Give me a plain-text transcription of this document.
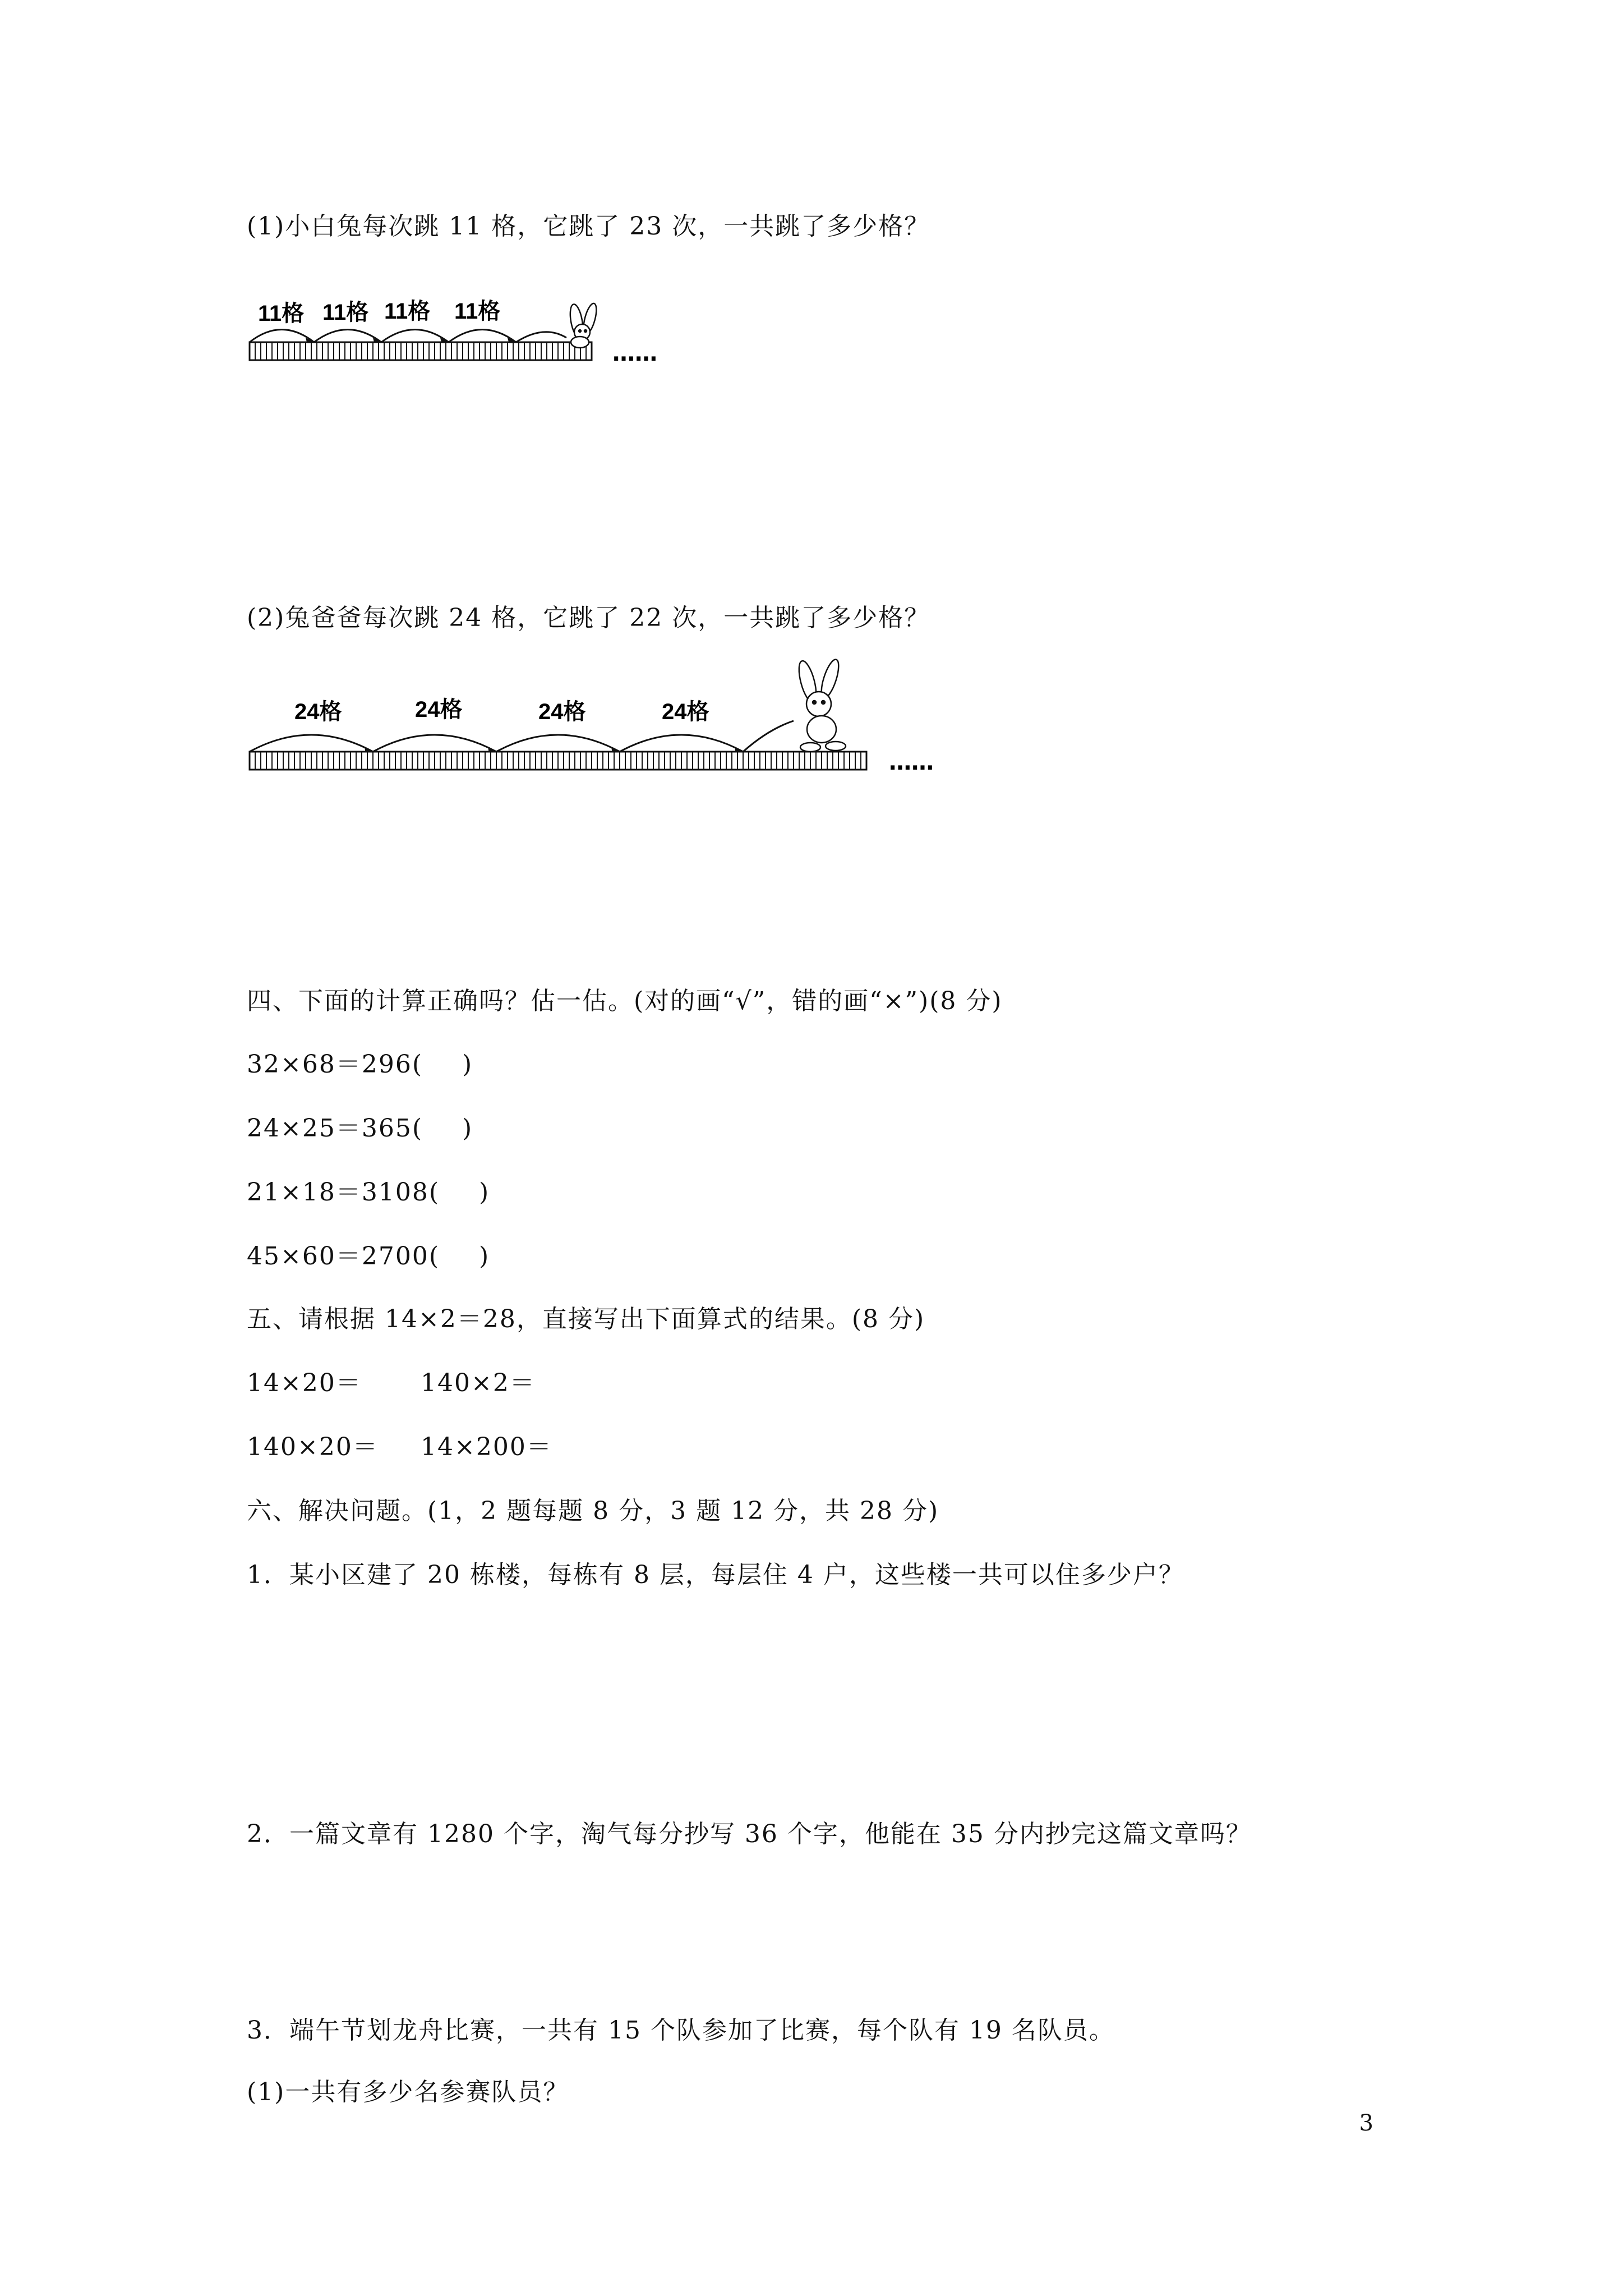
(1)小白兔每次跳 11 格，它跳了 23 次，一共跳了多少格？
11格 11格 11格 11格
……
(2)兔爸爸每次跳 24 格，它跳了 22 次，一共跳了多少格？
24格	24格	24格	24格
……
四、下面的计算正确吗？估一估。(对的画“√”，错的画“×”)(8 分)
32×68＝296( )
24×25＝365( )
21×18＝3108( )
45×60＝2700( )
五、请根据 14×2＝28，直接写出下面算式的结果。(8 分)
14×20＝ 140×2＝
140×20＝ 14×200＝
六、解决问题。(1，2 题每题 8 分，3 题 12 分，共 28 分)
1．某小区建了 20 栋楼，每栋有 8 层，每层住 4 户，这些楼一共可以住多少户？
2．一篇文章有 1280 个字，淘气每分抄写 36 个字，他能在 35 分内抄完这篇文章吗？
3．端午节划龙舟比赛，一共有 15 个队参加了比赛，每个队有 19 名队员。
(1)一共有多少名参赛队员？
3
